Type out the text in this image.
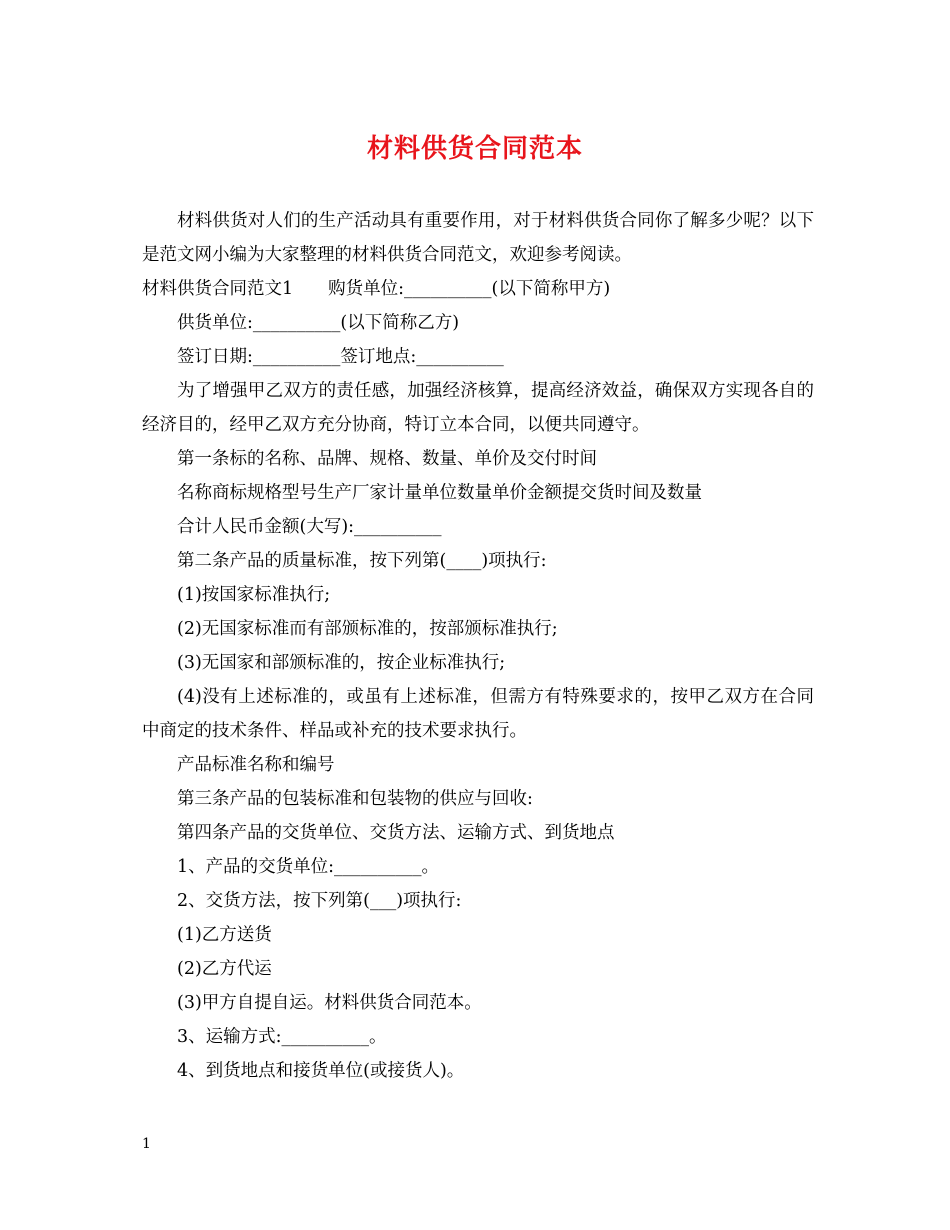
材料供货合同范本

材料供货对人们的生产活动具有重要作用，对于材料供货合同你了解多少呢？以下是范文网小编为大家整理的材料供货合同范文，欢迎参考阅读。

材料供货合同范文1　　购货单位:__________(以下简称甲方)

供货单位:__________(以下简称乙方)

签订日期:__________签订地点:__________

为了增强甲乙双方的责任感，加强经济核算，提高经济效益，确保双方实现各自的经济目的，经甲乙双方充分协商，特订立本合同，以便共同遵守。

第一条标的名称、品牌、规格、数量、单价及交付时间

名称商标规格型号生产厂家计量单位数量单价金额提交货时间及数量

合计人民币金额(大写):__________

第二条产品的质量标准，按下列第(____)项执行:

(1)按国家标准执行;

(2)无国家标准而有部颁标准的，按部颁标准执行;

(3)无国家和部颁标准的，按企业标准执行;

(4)没有上述标准的，或虽有上述标准，但需方有特殊要求的，按甲乙双方在合同中商定的技术条件、样品或补充的技术要求执行。

产品标准名称和编号

第三条产品的包装标准和包装物的供应与回收:

第四条产品的交货单位、交货方法、运输方式、到货地点

1、产品的交货单位:__________。

2、交货方法，按下列第(___)项执行:

(1)乙方送货

(2)乙方代运

(3)甲方自提自运。材料供货合同范本。

3、运输方式:__________。

4、到货地点和接货单位(或接货人)。

1
